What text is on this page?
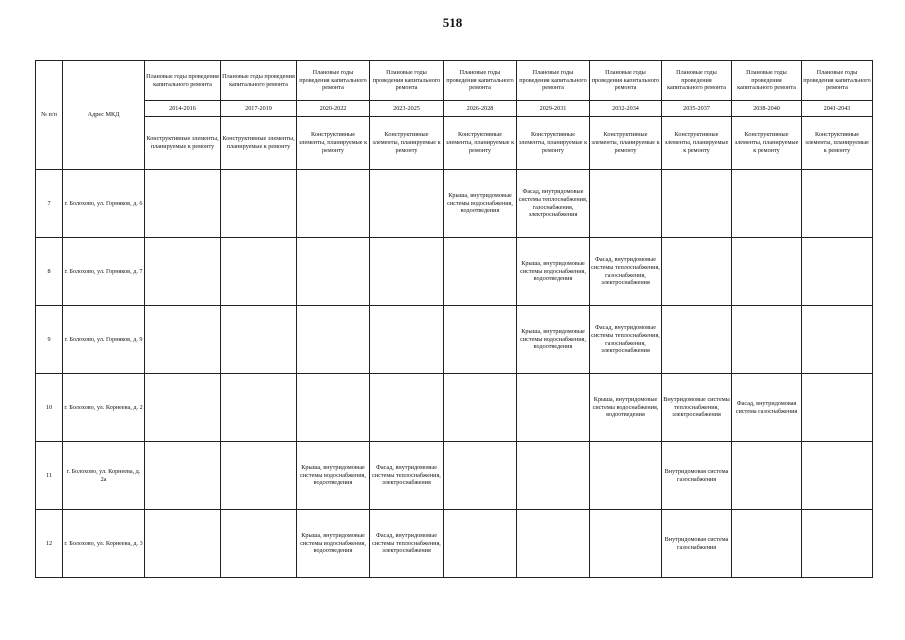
518
№ п/п	Адрес МКД	Плановые годы проведения капитального ремонта	Плановые годы проведения капитального ремонта	Плановые годы проведения капитального ремонта	Плановые годы проведения капитального ремонта	Плановые годы проведения капитального ремонта	Плановые годы проведения капитального ремонта	Плановые годы проведения капитального ремонта	Плановые годы проведения капитального ремонта	Плановые годы проведения капитального ремонта	Плановые годы проведения капитального ремонта
		2014-2016	2017-2019	2020-2022	2023-2025	2026-2028	2029-2031	2032-2034	2035-2037	2038-2040	2041-2043
		Конструктивные элементы, планируемые к ремонту	Конструктивные элементы, планируемые к ремонту	Конструктивные элементы, планируемые к ремонту	Конструктивные элементы, планируемые к ремонту	Конструктивные элементы, планируемые к ремонту	Конструктивные элементы, планируемые к ремонту	Конструктивные элементы, планируемые к ремонту	Конструктивные элементы, планируемые к ремонту	Конструктивные элементы, планируемые к ремонту	Конструктивные элементы, планируемые к ремонту
7	г. Болохово, ул. Горняков, д. 6					Крыша, внутридомовые системы водоснабжения, водоотведения	Фасад, внутридомовые системы теплоснабжения, газоснабжения, электроснабжения				
8	г. Болохово, ул. Горняков, д. 7						Крыша, внутридомовые системы водоснабжения, водоотведения	Фасад, внутридомовые системы теплоснабжения, газоснабжения, электроснабжения			
9	г. Болохово, ул. Горняков, д. 9						Крыша, внутридомовые системы водоснабжения, водоотведения	Фасад, внутридомовые системы теплоснабжения, газоснабжения, электроснабжения			
10	г. Болохово, ул. Корнеева, д. 2							Крыша, внутридомовые системы водоснабжения, водоотведения	Внутридомовые системы теплоснабжения, электроснабжения	Фасад, внутридомовая система газоснабжения	
11	г. Болохово, ул. Корнеева, д. 2а			Крыша, внутридомовые системы водоснабжения, водоотведения	Фасад, внутридомовые системы теплоснабжения, электроснабжения				Внутридомовая система газоснабжения		
12	г. Болохово, ул. Корнеева, д. 3			Крыша, внутридомовые системы водоснабжения, водоотведения	Фасад, внутридомовые системы теплоснабжения, электроснабжения				Внутридомовая система газоснабжения		
